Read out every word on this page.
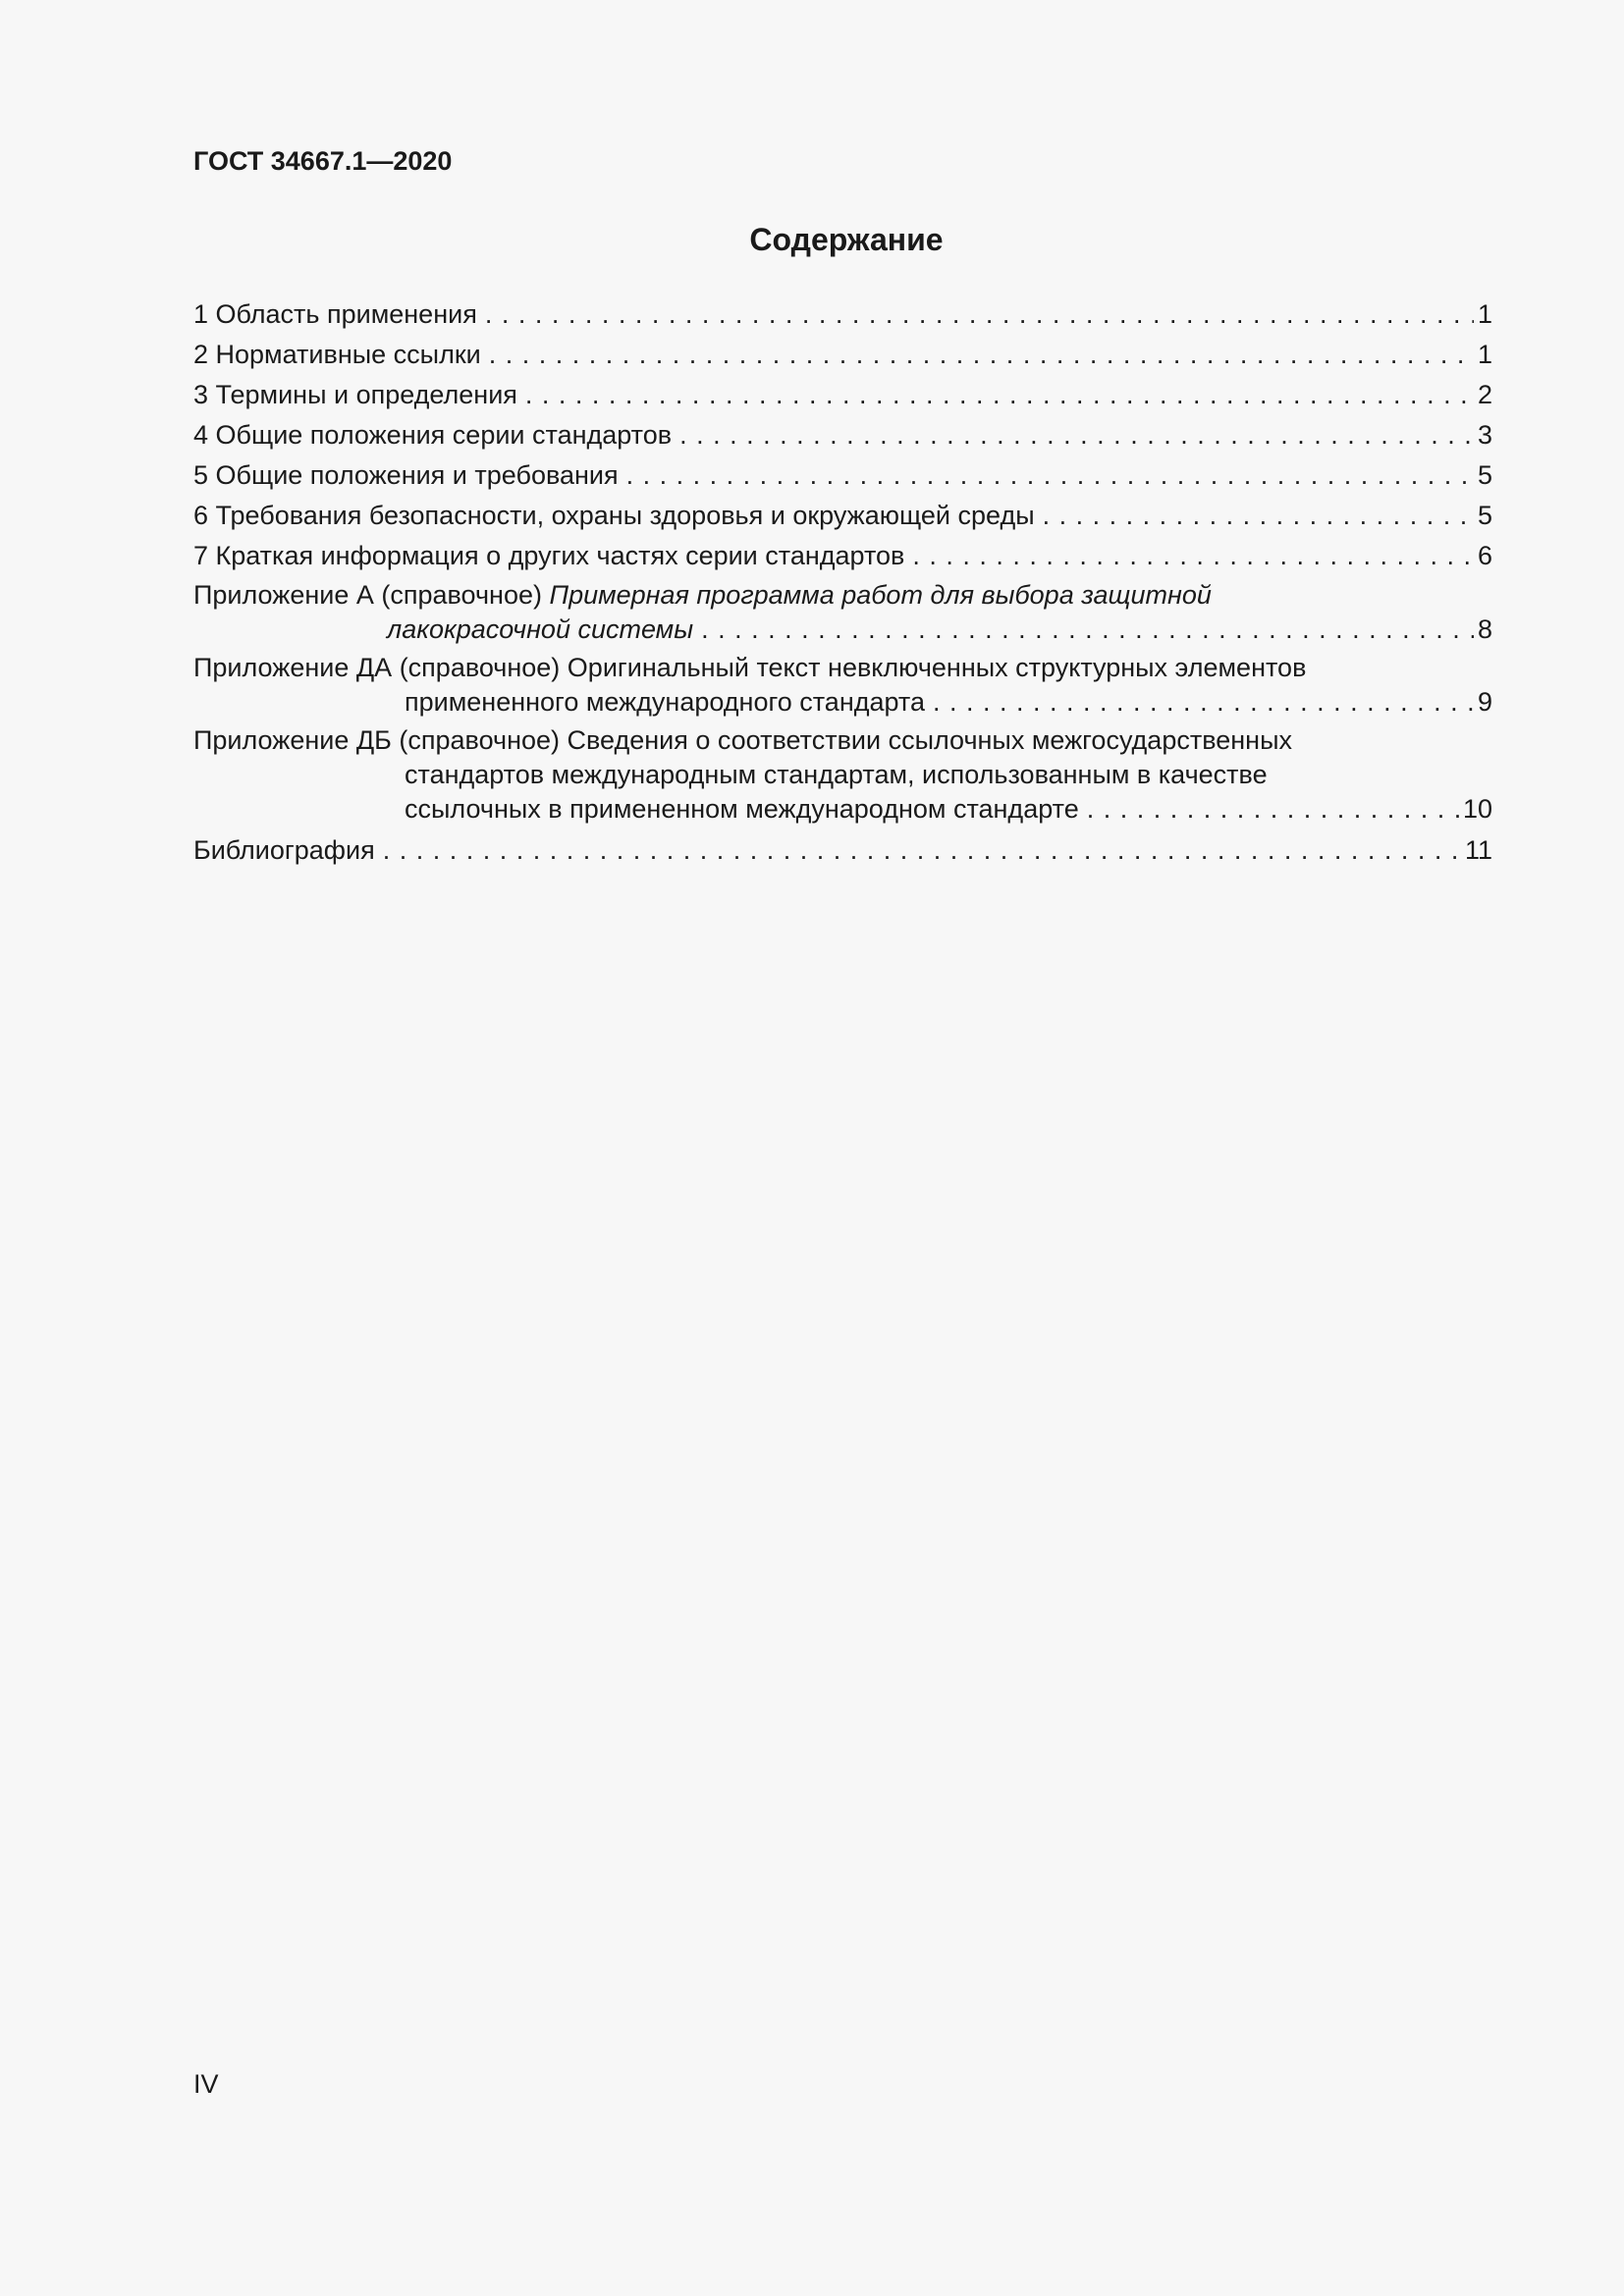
ГОСТ 34667.1—2020
Содержание
1 Область применения . . .	1
2 Нормативные ссылки . . .	1
3 Термины и определения . . .	2
4 Общие положения серии стандартов . . .	3
5 Общие положения и требования . . .	5
6 Требования безопасности, охраны здоровья и окружающей среды . . .	5
7 Краткая информация о других частях серии стандартов . . .	6
Приложение А (справочное) Примерная программа работ для выбора защитной
лакокрасочной системы . . .	8
Приложение ДА (справочное) Оригинальный текст невключенных структурных элементов
примененного международного стандарта . . .	9
Приложение ДБ (справочное) Сведения о соответствии ссылочных межгосударственных
стандартов международным стандартам, использованным в качестве
ссылочных в примененном международном стандарте . . .	10
Библиография . . .	11
IV
